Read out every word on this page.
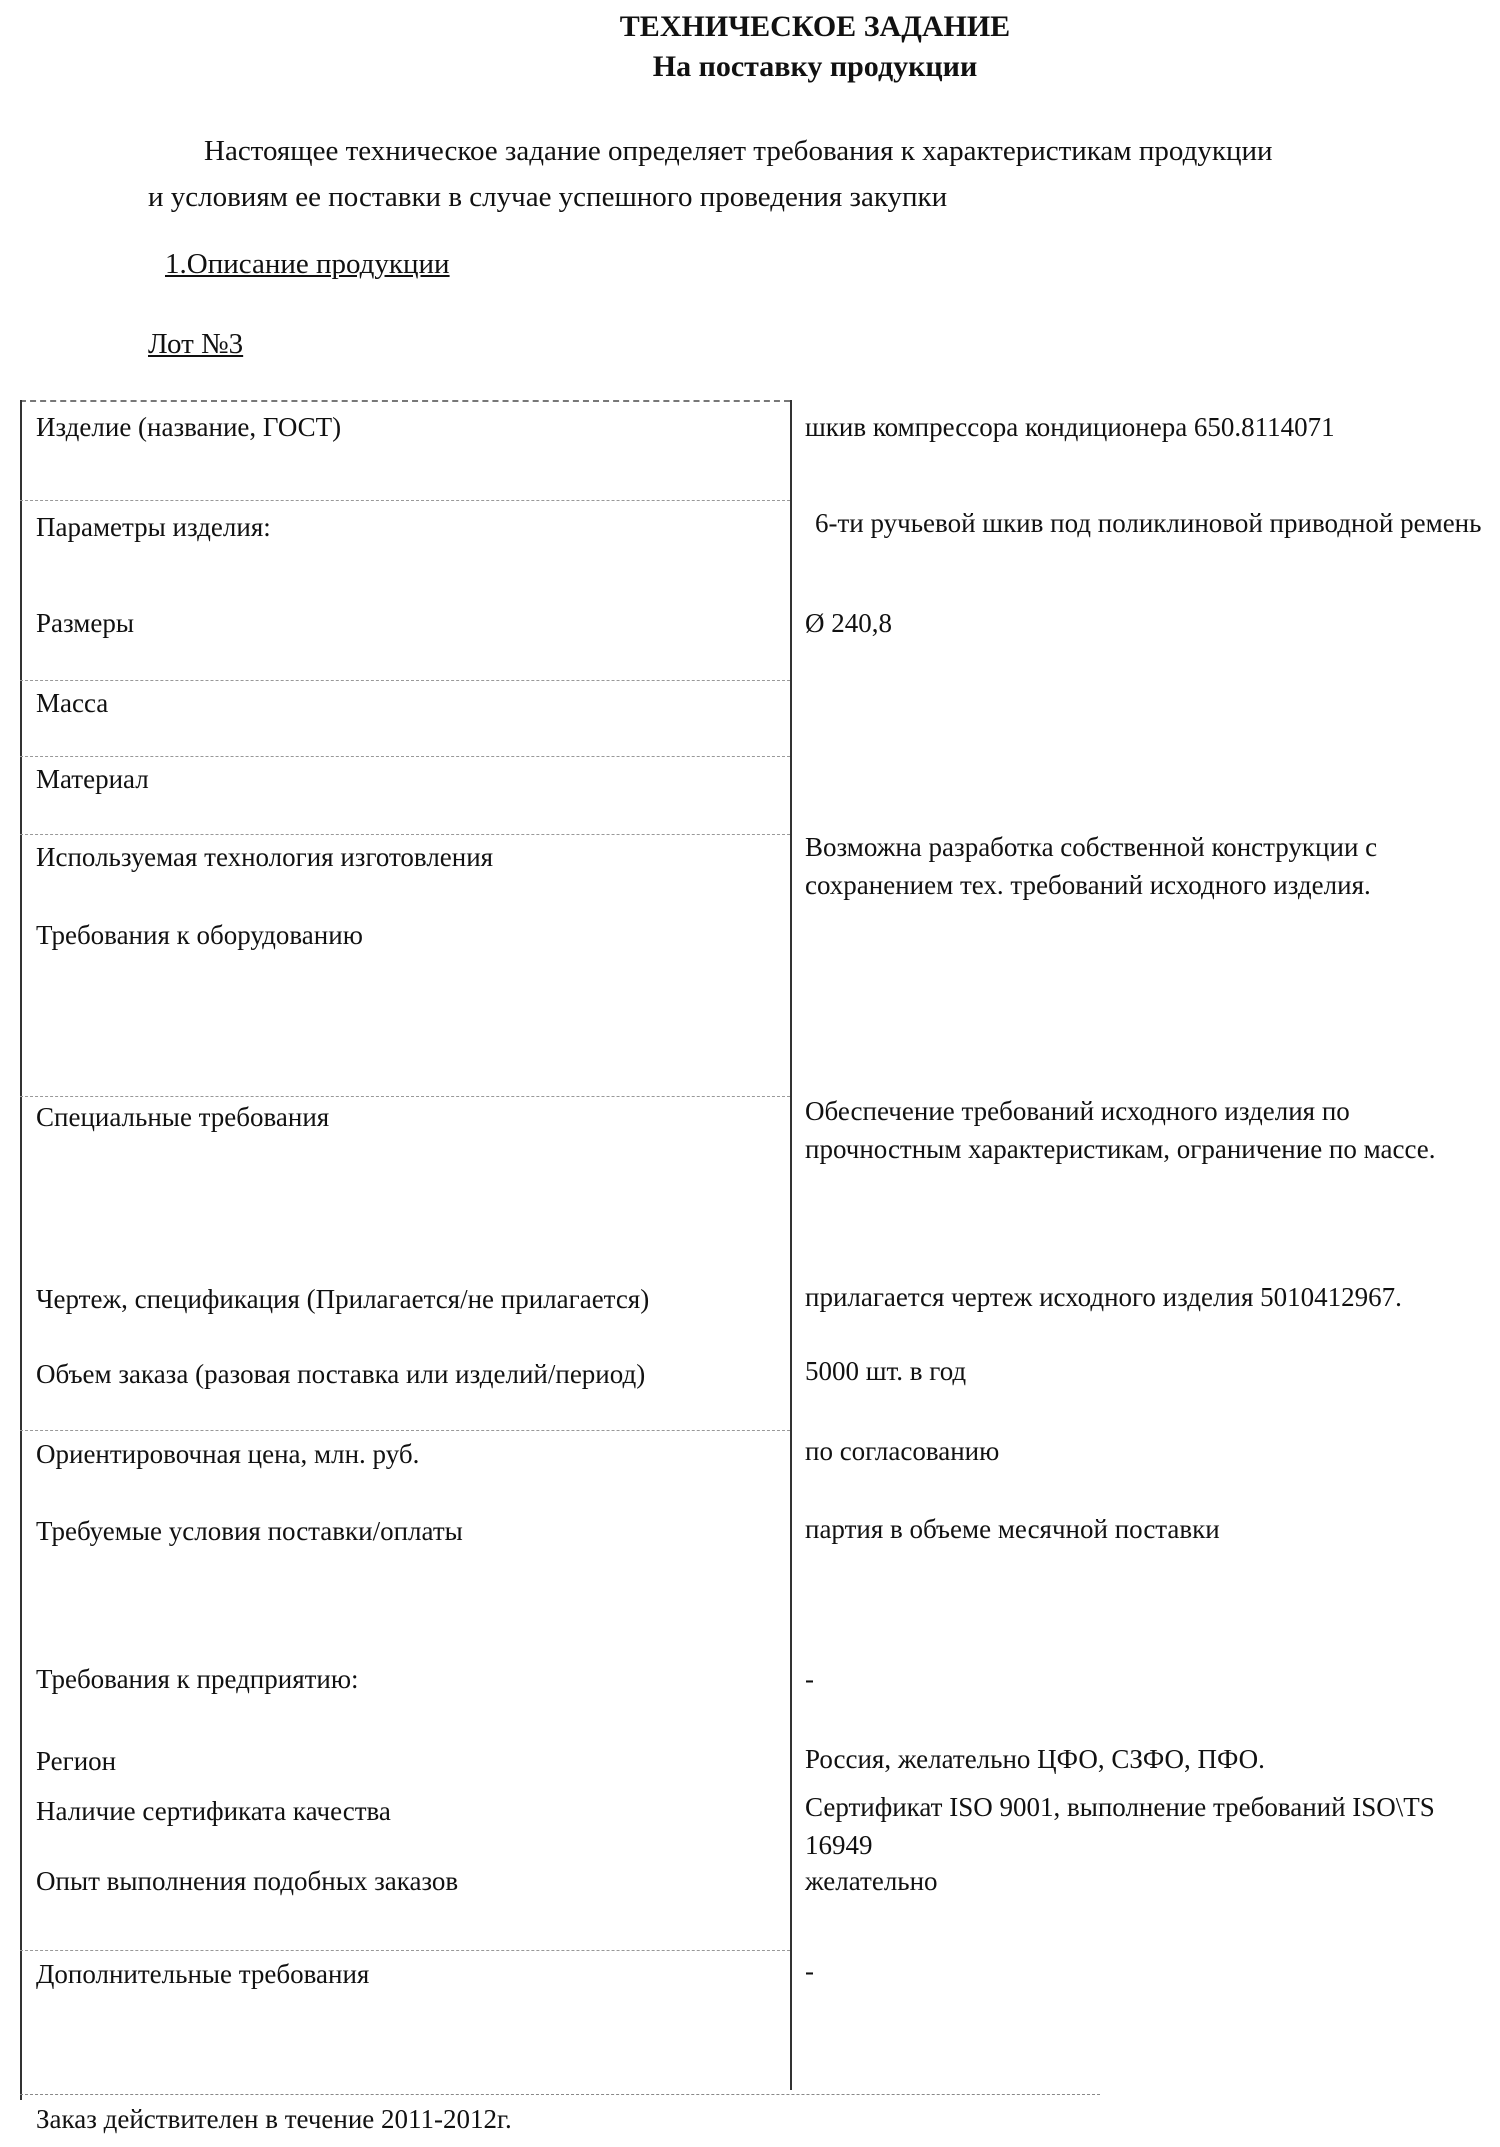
ТЕХНИЧЕСКОЕ ЗАДАНИЕ
На поставку продукции
Настоящее техническое задание определяет требования к характеристикам продукции
и условиям ее поставки в случае успешного проведения закупки
1.Описание продукции
Лот №3
Изделие (название, ГОСТ)
Параметры изделия:
Размеры
Масса
Материал
Используемая технология изготовления
Требования к оборудованию
Специальные требования
Чертеж, спецификация (Прилагается/не прилагается)
Объем заказа (разовая поставка или изделий/период)
Ориентировочная цена, млн. руб.
Требуемые условия поставки/оплаты
Требования к предприятию:
Регион
Наличие сертификата качества
Опыт выполнения подобных заказов
Дополнительные требования
шкив компрессора кондиционера 650.8114071
6-ти ручьевой шкив под поликлиновой приводной ремень
Ø 240,8
Возможна разработка собственной конструкции с сохранением тех. требований исходного изделия.
Обеспечение требований исходного изделия по прочностным характеристикам, ограничение по массе.
прилагается чертеж исходного изделия 5010412967.
5000 шт. в год
по согласованию
партия в объеме месячной поставки
-
Россия, желательно ЦФО, СЗФО, ПФО.
Сертификат ISO 9001, выполнение требований ISO\TS 16949
желательно
-
Заказ действителен в течение 2011-2012г.
